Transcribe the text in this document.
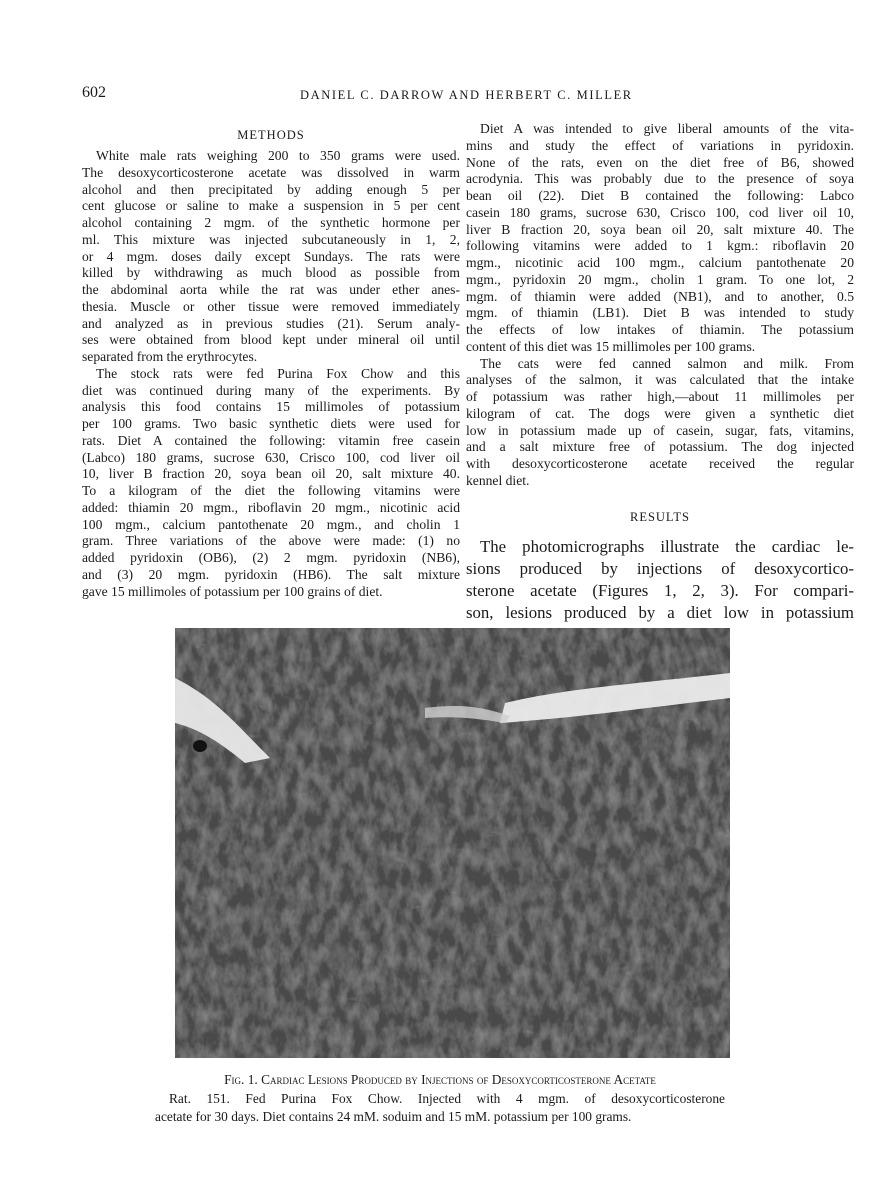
602	DANIEL C. DARROW AND HERBERT C. MILLER
METHODS
White male rats weighing 200 to 350 grams were used.
The desoxycorticosterone acetate was dissolved in warm
alcohol and then precipitated by adding enough 5 per
cent glucose or saline to make a suspension in 5 per cent
alcohol containing 2 mgm. of the synthetic hormone per
ml. This mixture was injected subcutaneously in 1, 2,
or 4 mgm. doses daily except Sundays. The rats were
killed by withdrawing as much blood as possible from
the abdominal aorta while the rat was under ether anes-
thesia. Muscle or other tissue were removed immediately
and analyzed as in previous studies (21). Serum analy-
ses were obtained from blood kept under mineral oil until
separated from the erythrocytes.
The stock rats were fed Purina Fox Chow and this
diet was continued during many of the experiments. By
analysis this food contains 15 millimoles of potassium
per 100 grams. Two basic synthetic diets were used for
rats. Diet A contained the following: vitamin free casein
(Labco) 180 grams, sucrose 630, Crisco 100, cod liver oil
10, liver B fraction 20, soya bean oil 20, salt mixture 40.
To a kilogram of the diet the following vitamins were
added: thiamin 20 mgm., riboflavin 20 mgm., nicotinic acid
100 mgm., calcium pantothenate 20 mgm., and cholin 1
gram. Three variations of the above were made: (1) no
added pyridoxin (OB6), (2) 2 mgm. pyridoxin (NB6),
and (3) 20 mgm. pyridoxin (HB6). The salt mixture
gave 15 millimoles of potassium per 100 grains of diet.
Diet A was intended to give liberal amounts of the vita-
mins and study the effect of variations in pyridoxin.
None of the rats, even on the diet free of B6, showed
acrodynia. This was probably due to the presence of soya
bean oil (22). Diet B contained the following: Labco
casein 180 grams, sucrose 630, Crisco 100, cod liver oil 10,
liver B fraction 20, soya bean oil 20, salt mixture 40. The
following vitamins were added to 1 kgm.: riboflavin 20
mgm., nicotinic acid 100 mgm., calcium pantothenate 20
mgm., pyridoxin 20 mgm., cholin 1 gram. To one lot, 2
mgm. of thiamin were added (NB1), and to another, 0.5
mgm. of thiamin (LB1). Diet B was intended to study
the effects of low intakes of thiamin. The potassium
content of this diet was 15 millimoles per 100 grams.
The cats were fed canned salmon and milk. From
analyses of the salmon, it was calculated that the intake
of potassium was rather high,—about 11 millimoles per
kilogram of cat. The dogs were given a synthetic diet
low in potassium made up of casein, sugar, fats, vitamins,
and a salt mixture free of potassium. The dog injected
with desoxycorticosterone acetate received the regular
kennel diet.
RESULTS
The photomicrographs illustrate the cardiac le-
sions produced by injections of desoxycortico-
sterone acetate (Figures 1, 2, 3). For compari-
son, lesions produced by a diet low in potassium
Fig. 1. Cardiac Lesions Produced by Injections of Desoxycorticosterone Acetate
Rat. 151. Fed Purina Fox Chow. Injected with 4 mgm. of desoxycorticosterone
acetate for 30 days. Diet contains 24 mM. soduim and 15 mM. potassium per 100 grams.
